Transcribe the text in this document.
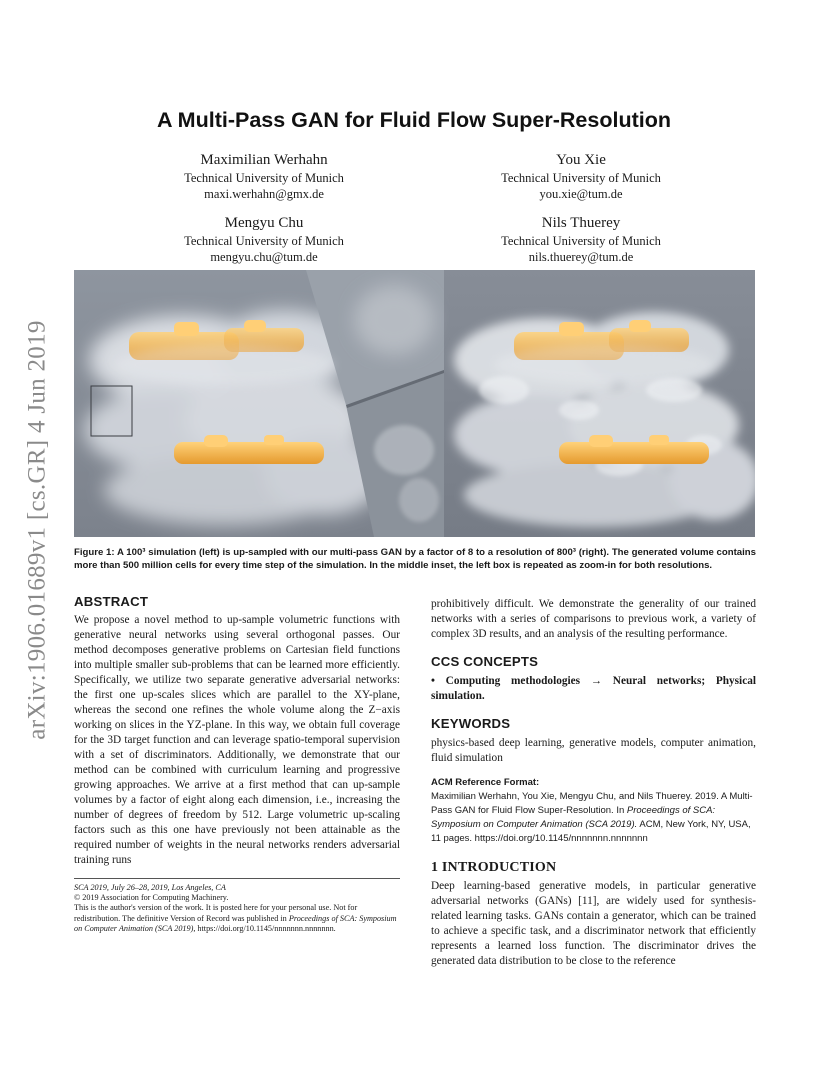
arXiv:1906.01689v1 [cs.GR] 4 Jun 2019
A Multi-Pass GAN for Fluid Flow Super-Resolution
Maximilian Werhahn
Technical University of Munich
maxi.werhahn@gmx.de
You Xie
Technical University of Munich
you.xie@tum.de
Mengyu Chu
Technical University of Munich
mengyu.chu@tum.de
Nils Thuerey
Technical University of Munich
nils.thuerey@tum.de
Figure 1: A 100³ simulation (left) is up-sampled with our multi-pass GAN by a factor of 8 to a resolution of 800³ (right). The generated volume contains more than 500 million cells for every time step of the simulation. In the middle inset, the left box is repeated as zoom-in for both resolutions.
ABSTRACT

We propose a novel method to up-sample volumetric functions with generative neural networks using several orthogonal passes. Our method decomposes generative problems on Cartesian field functions into multiple smaller sub-problems that can be learned more efficiently. Specifically, we utilize two separate generative adversarial networks: the first one up-scales slices which are parallel to the XY-plane, whereas the second one refines the whole volume along the Z−axis working on slices in the YZ-plane. In this way, we obtain full coverage for the 3D target function and can leverage spatio-temporal supervision with a set of discriminators. Additionally, we demonstrate that our method can be combined with curriculum learning and progressive growing approaches. We arrive at a first method that can up-sample volumes by a factor of eight along each dimension, i.e., increasing the number of degrees of freedom by 512. Large volumetric up-scaling factors such as this one have previously not been attainable as the required number of weights in the neural networks renders adversarial training runs

SCA 2019, July 26–28, 2019, Los Angeles, CA
© 2019 Association for Computing Machinery.
This is the author's version of the work. It is posted here for your personal use. Not for redistribution. The definitive Version of Record was published in Proceedings of SCA: Symposium on Computer Animation (SCA 2019), https://doi.org/10.1145/nnnnnnn.nnnnnnn.

prohibitively difficult. We demonstrate the generality of our trained networks with a series of comparisons to previous work, a variety of complex 3D results, and an analysis of the resulting performance.

CCS CONCEPTS

• Computing methodologies → Neural networks; Physical simulation.

KEYWORDS

physics-based deep learning, generative models, computer animation, fluid simulation

ACM Reference Format:

Maximilian Werhahn, You Xie, Mengyu Chu, and Nils Thuerey. 2019. A Multi-Pass GAN for Fluid Flow Super-Resolution. In Proceedings of SCA: Symposium on Computer Animation (SCA 2019). ACM, New York, NY, USA, 11 pages. https://doi.org/10.1145/nnnnnnn.nnnnnnn

1 INTRODUCTION

Deep learning-based generative models, in particular generative adversarial networks (GANs) [11], are widely used for synthesis-related learning tasks. GANs contain a generator, which can be trained to achieve a specific task, and a discriminator network that efficiently represents a learned loss function. The discriminator drives the generated data distribution to be close to the reference
